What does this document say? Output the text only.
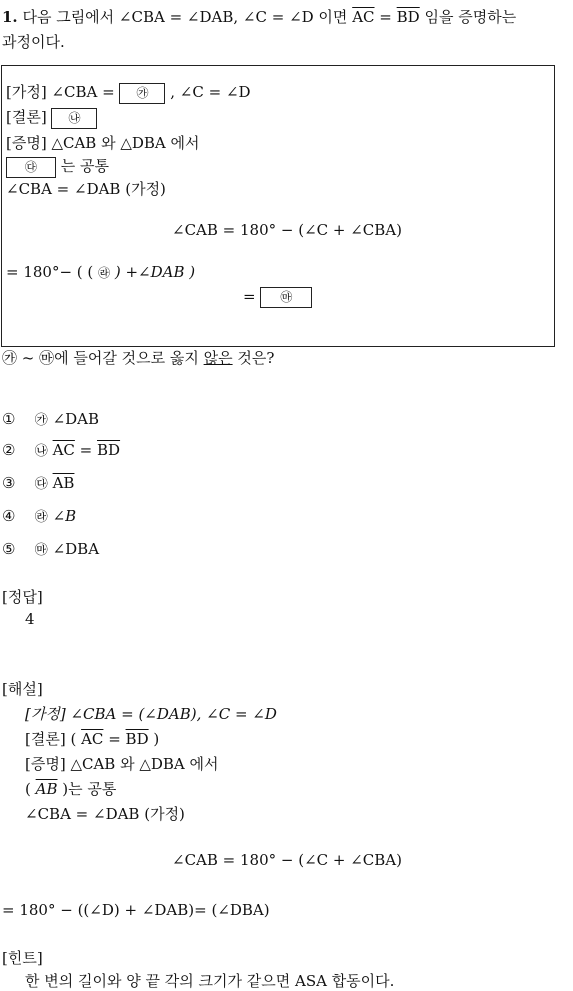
1. 다음 그림에서 ∠CBA = ∠DAB, ∠C = ∠D 이면 $\overline{AC} = \overline{BD}$ 임을 증명하는
과정이다.
[가정] ∠CBA = ㉮ , ∠C = ∠D
[결론] ㉯
[증명] △CAB 와 △DBA 에서
㉰ 는 공통
∠CBA = ∠DAB (가정)
∠CAB = 180° − (∠C + ∠CBA)
= 180°− ( ( ㉱ ) +∠DAB )
= ㉲
㉮ ~ ㉲에 들어갈 것으로 옳지 않은 것은?
① ㉮ ∠DAB
② ㉯ $\overline{AC} = \overline{BD}$
③ ㉰ $\overline{AB}$
④ ㉱ ∠B
⑤ ㉲ ∠DBA
[정답]
4
[해설]
[가정] ∠CBA = (∠DAB), ∠C = ∠D
[결론] ( $\overline{AC} = \overline{BD}$ )
[증명] △CAB 와 △DBA 에서
( $\overline{AB}$ )는 공통
∠CBA = ∠DAB (가정)
∠CAB = 180° − (∠C + ∠CBA)
= 180° − ((∠D) + ∠DAB)= (∠DBA)
[힌트]
한 변의 길이와 양 끝 각의 크기가 같으면 ASA 합동이다.
